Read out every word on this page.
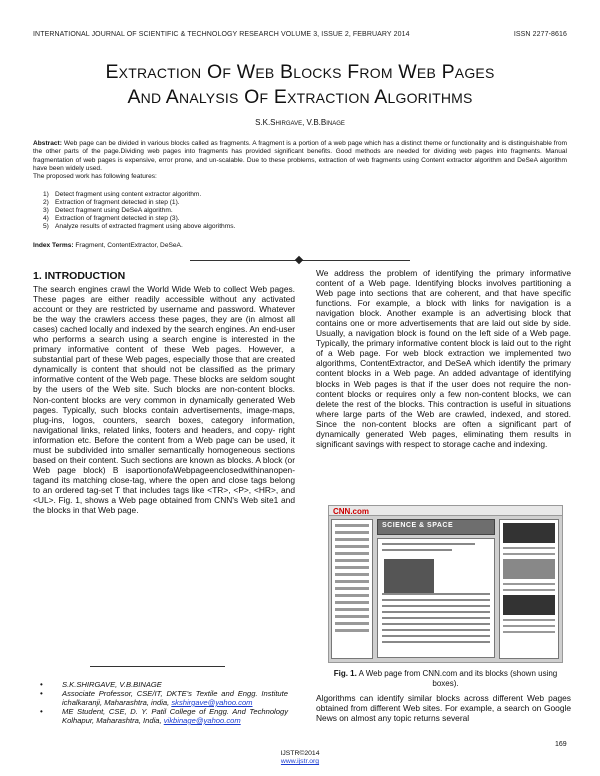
INTERNATIONAL JOURNAL OF SCIENTIFIC & TECHNOLOGY RESEARCH VOLUME 3, ISSUE 2, FEBRUARY 2014	ISSN 2277-8616
Extraction Of Web Blocks From Web Pages
And Analysis Of Extraction Algorithms
S.K.Shirgave, V.B.Binage
Abstract: Web page can be divided in various blocks called as fragments. A fragment is a portion of a web page which has a distinct theme or functionality and is distinguishable from the other parts of the page.Dividing web pages into fragments has provided significant benefits. Good methods are needed for dividing web pages into fragments. Manual fragmentation of web pages is expensive, error prone, and un-scalable. Due to these problems, extraction of web fragments using Content extractor algorithm and DeSeA algorithm have been widely used.
The proposed work has following features:
1) Detect fragment using content extractor algorithm.
2) Extraction of fragment detected in step (1).
3) Detect fragment using DeSeA algorithm.
4) Extraction of fragment detected in step (3).
5) Analyze results of extracted fragment using above algorithms.
Index Terms: Fragment, ContentExtractor, DeSeA.
1. INTRODUCTION
The search engines crawl the World Wide Web to collect Web pages. These pages are either readily accessible without any activated account or they are restricted by username and password. Whatever be the way the crawlers access these pages, they are (in almost all cases) cached locally and indexed by the search engines. An end-user who performs a search using a search engine is interested in the primary informative content of these Web pages. However, a substantial part of these Web pages, especially those that are created dynamically is content that should not be classified as the primary informative content of the Web page. These blocks are seldom sought by the users of the Web site. Such blocks are non-content blocks. Non-content blocks are very common in dynamically generated Web pages. Typically, such blocks contain advertisements, image-maps, plug-ins, logos, counters, search boxes, category information, navigational links, related links, footers and headers, and copy- right information etc. Before the content from a Web page can be used, it must be subdivided into smaller semantically homogeneous sections based on their content. Such sections are known as blocks. A block (or Web page block) B isaportionofaWebpageenclosedwithinanopen-tagand its matching close-tag, where the open and close tags belong to an ordered tag-set T that includes tags like <TR>, <P>, <HR>, and <UL>. Fig. 1, shows a Web page obtained from CNN's Web site1 and the blocks in that Web page.
We address the problem of identifying the primary informative content of a Web page. Identifying blocks involves partitioning a Web page into sections that are coherent, and that have specific functions. For example, a block with links for navigation is a navigation block. Another example is an advertising block that contains one or more advertisements that are laid out side by side. Usually, a navigation block is found on the left side of a Web page. Typically, the primary informative content block is laid out to the right of a Web page. For web block extraction we implemented two algorithms, ContentExtractor, and DeSeA which identify the primary content blocks in a Web page. An added advantage of identifying blocks in Web pages is that if the user does not require the non-content blocks or requires only a few non-content blocks, we can delete the rest of the blocks. This contraction is useful in situations where large parts of the Web are crawled, indexed, and stored. Since the non-content blocks are often a significant part of dynamically generated Web pages, eliminating them results in significant savings with respect to storage cache and indexing.
CNN.com
SCIENCE & SPACE
Fig. 1. A Web page from CNN.com and its blocks (shown using boxes).
Algorithms can identify similar blocks across different Web pages obtained from different Web sites. For example, a search on Google News on almost any topic returns several
•	S.K.SHIRGAVE, V.B.BINAGE
•	Associate Professor, CSE/IT, DKTE's Textile and Engg. Institute ichalkaranji, Maharashtra, india, skshirgave@yahoo.com
•	ME Student, CSE, D. Y. Patil College of Engg. And Technology Kolhapur, Maharashtra, India, vikbinage@yahoo.com
169
IJSTR©2014
www.ijstr.org
